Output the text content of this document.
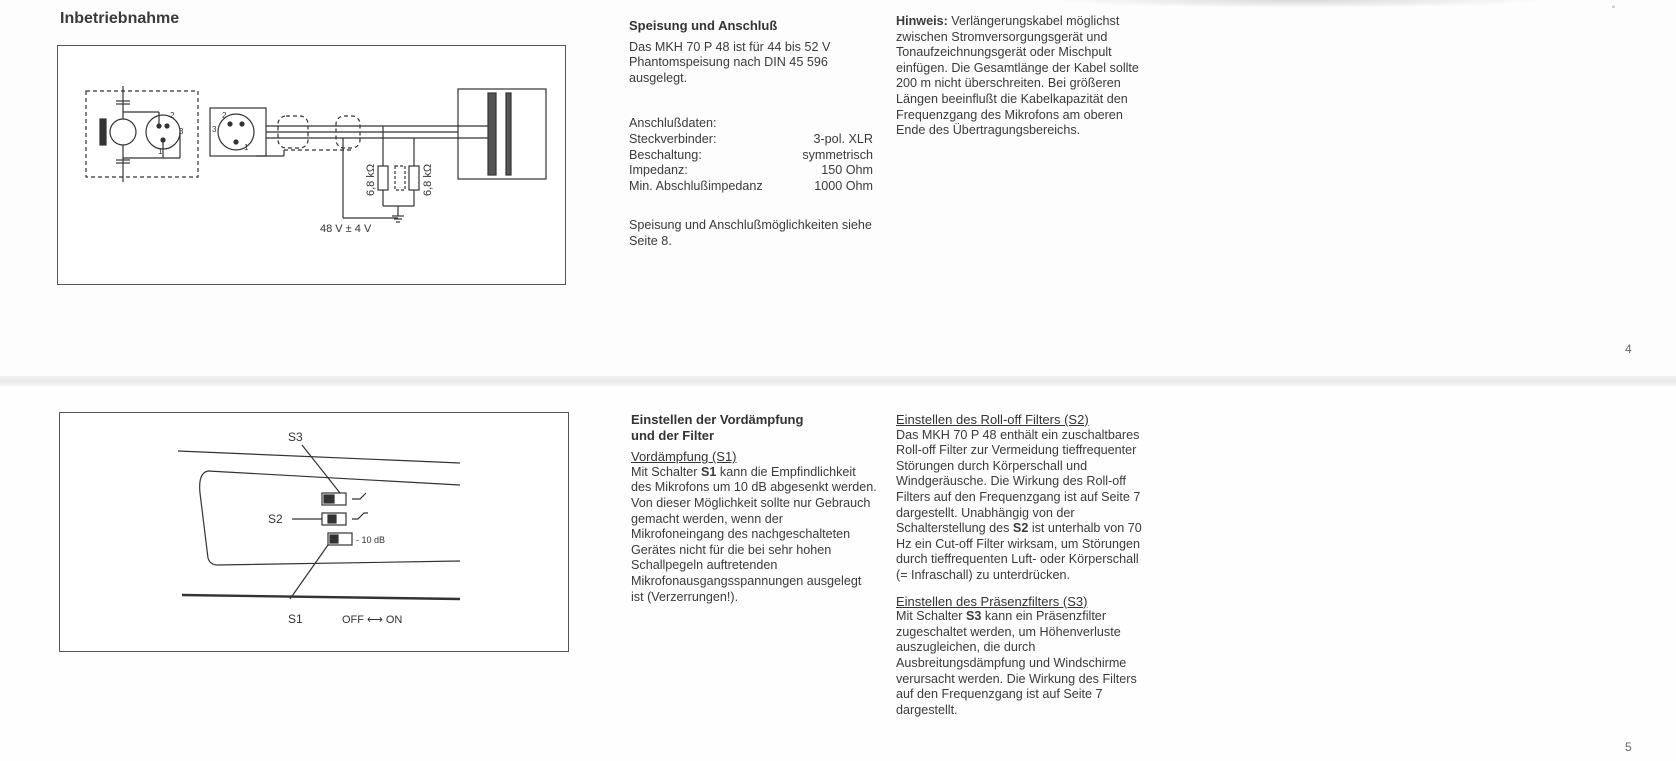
˚
Inbetriebnahme
2
3
1
2
3
1
6,8 kΩ	6,8 kΩ
48 V ± 4 V

Speisung und Anschluß

Das MKH 70 P 48 ist für 44 bis 52 V Phantomspeisung nach DIN 45 596 ausgelegt.

Anschlußdaten:

Steckverbinder:	3-pol. XLR
Beschaltung:	symmetrisch
Impedanz:	150 Ohm
Min. Abschlußimpedanz	1000 Ohm

Speisung und Anschlußmöglichkeiten siehe Seite 8.

Hinweis: Verlängerungskabel möglichst zwischen Stromversorgungsgerät und Tonaufzeichnungsgerät oder Mischpult einfügen. Die Gesamtlänge der Kabel sollte 200 m nicht überschreiten. Bei größeren Längen beeinflußt die Kabelkapazität den Frequenzgang des Mikrofons am oberen Ende des Übertragungsbereichs.

4
S3
S2
- 10 dB
S1	OFF ⟷ ON

Einstellen der Vordämpfung

und der Filter

Vordämpfung (S1)

Mit Schalter S1 kann die Empfindlichkeit des Mikrofons um 10 dB abgesenkt werden. Von dieser Möglichkeit sollte nur Gebrauch gemacht werden, wenn der Mikrofoneingang des nachgeschalteten Gerätes nicht für die bei sehr hohen Schallpegeln auftretenden Mikrofonausgangsspannungen ausgelegt ist (Verzerrungen!).

Einstellen des Roll-off Filters (S2)

Das MKH 70 P 48 enthält ein zuschaltbares Roll-off Filter zur Vermeidung tieffrequenter Störungen durch Körperschall und Windgeräusche. Die Wirkung des Roll-off Filters auf den Frequenzgang ist auf Seite 7 dargestellt. Unabhängig von der Schalterstellung des S2 ist unterhalb von 70 Hz ein Cut-off Filter wirksam, um Störungen durch tieffrequenten Luft- oder Körperschall (= Infraschall) zu unterdrücken.

Einstellen des Präsenzfilters (S3)

Mit Schalter S3 kann ein Präsenzfilter zugeschaltet werden, um Höhenverluste auszugleichen, die durch Ausbreitungsdämpfung und Windschirme verursacht werden. Die Wirkung des Filters auf den Frequenzgang ist auf Seite 7 dargestellt.

5
